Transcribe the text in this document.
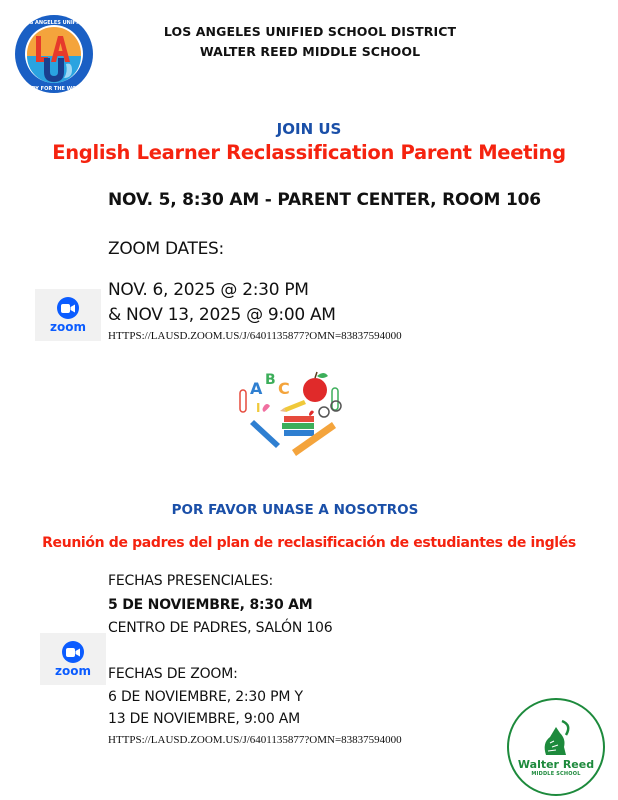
LOS ANGELES UNIFIED
READY FOR THE WORLD
LOS ANGELES UNIFIED SCHOOL DISTRICT
WALTER REED MIDDLE SCHOOL
JOIN US
English Learner Reclassification Parent Meeting
NOV. 5, 8:30 AM - PARENT CENTER, ROOM 106
ZOOM DATES:
zoom
NOV. 6, 2025 @ 2:30 PM
& NOV 13, 2025 @ 9:00 AM
HTTPS://LAUSD.ZOOM.US/J/6401135877?OMN=83837594000
A B C
I
POR FAVOR UNASE A NOSOTROS
Reunión de padres del plan de reclasificación de estudiantes de inglés
FECHAS PRESENCIALES:
5 DE NOVIEMBRE, 8:30 AM
CENTRO DE PADRES, SALÓN 106
zoom FECHAS DE ZOOM:
6 DE NOVIEMBRE, 2:30 PM Y
13 DE NOVIEMBRE, 9:00 AM
HTTPS://LAUSD.ZOOM.US/J/6401135877?OMN=83837594000
Walter Reed
MIDDLE SCHOOL
